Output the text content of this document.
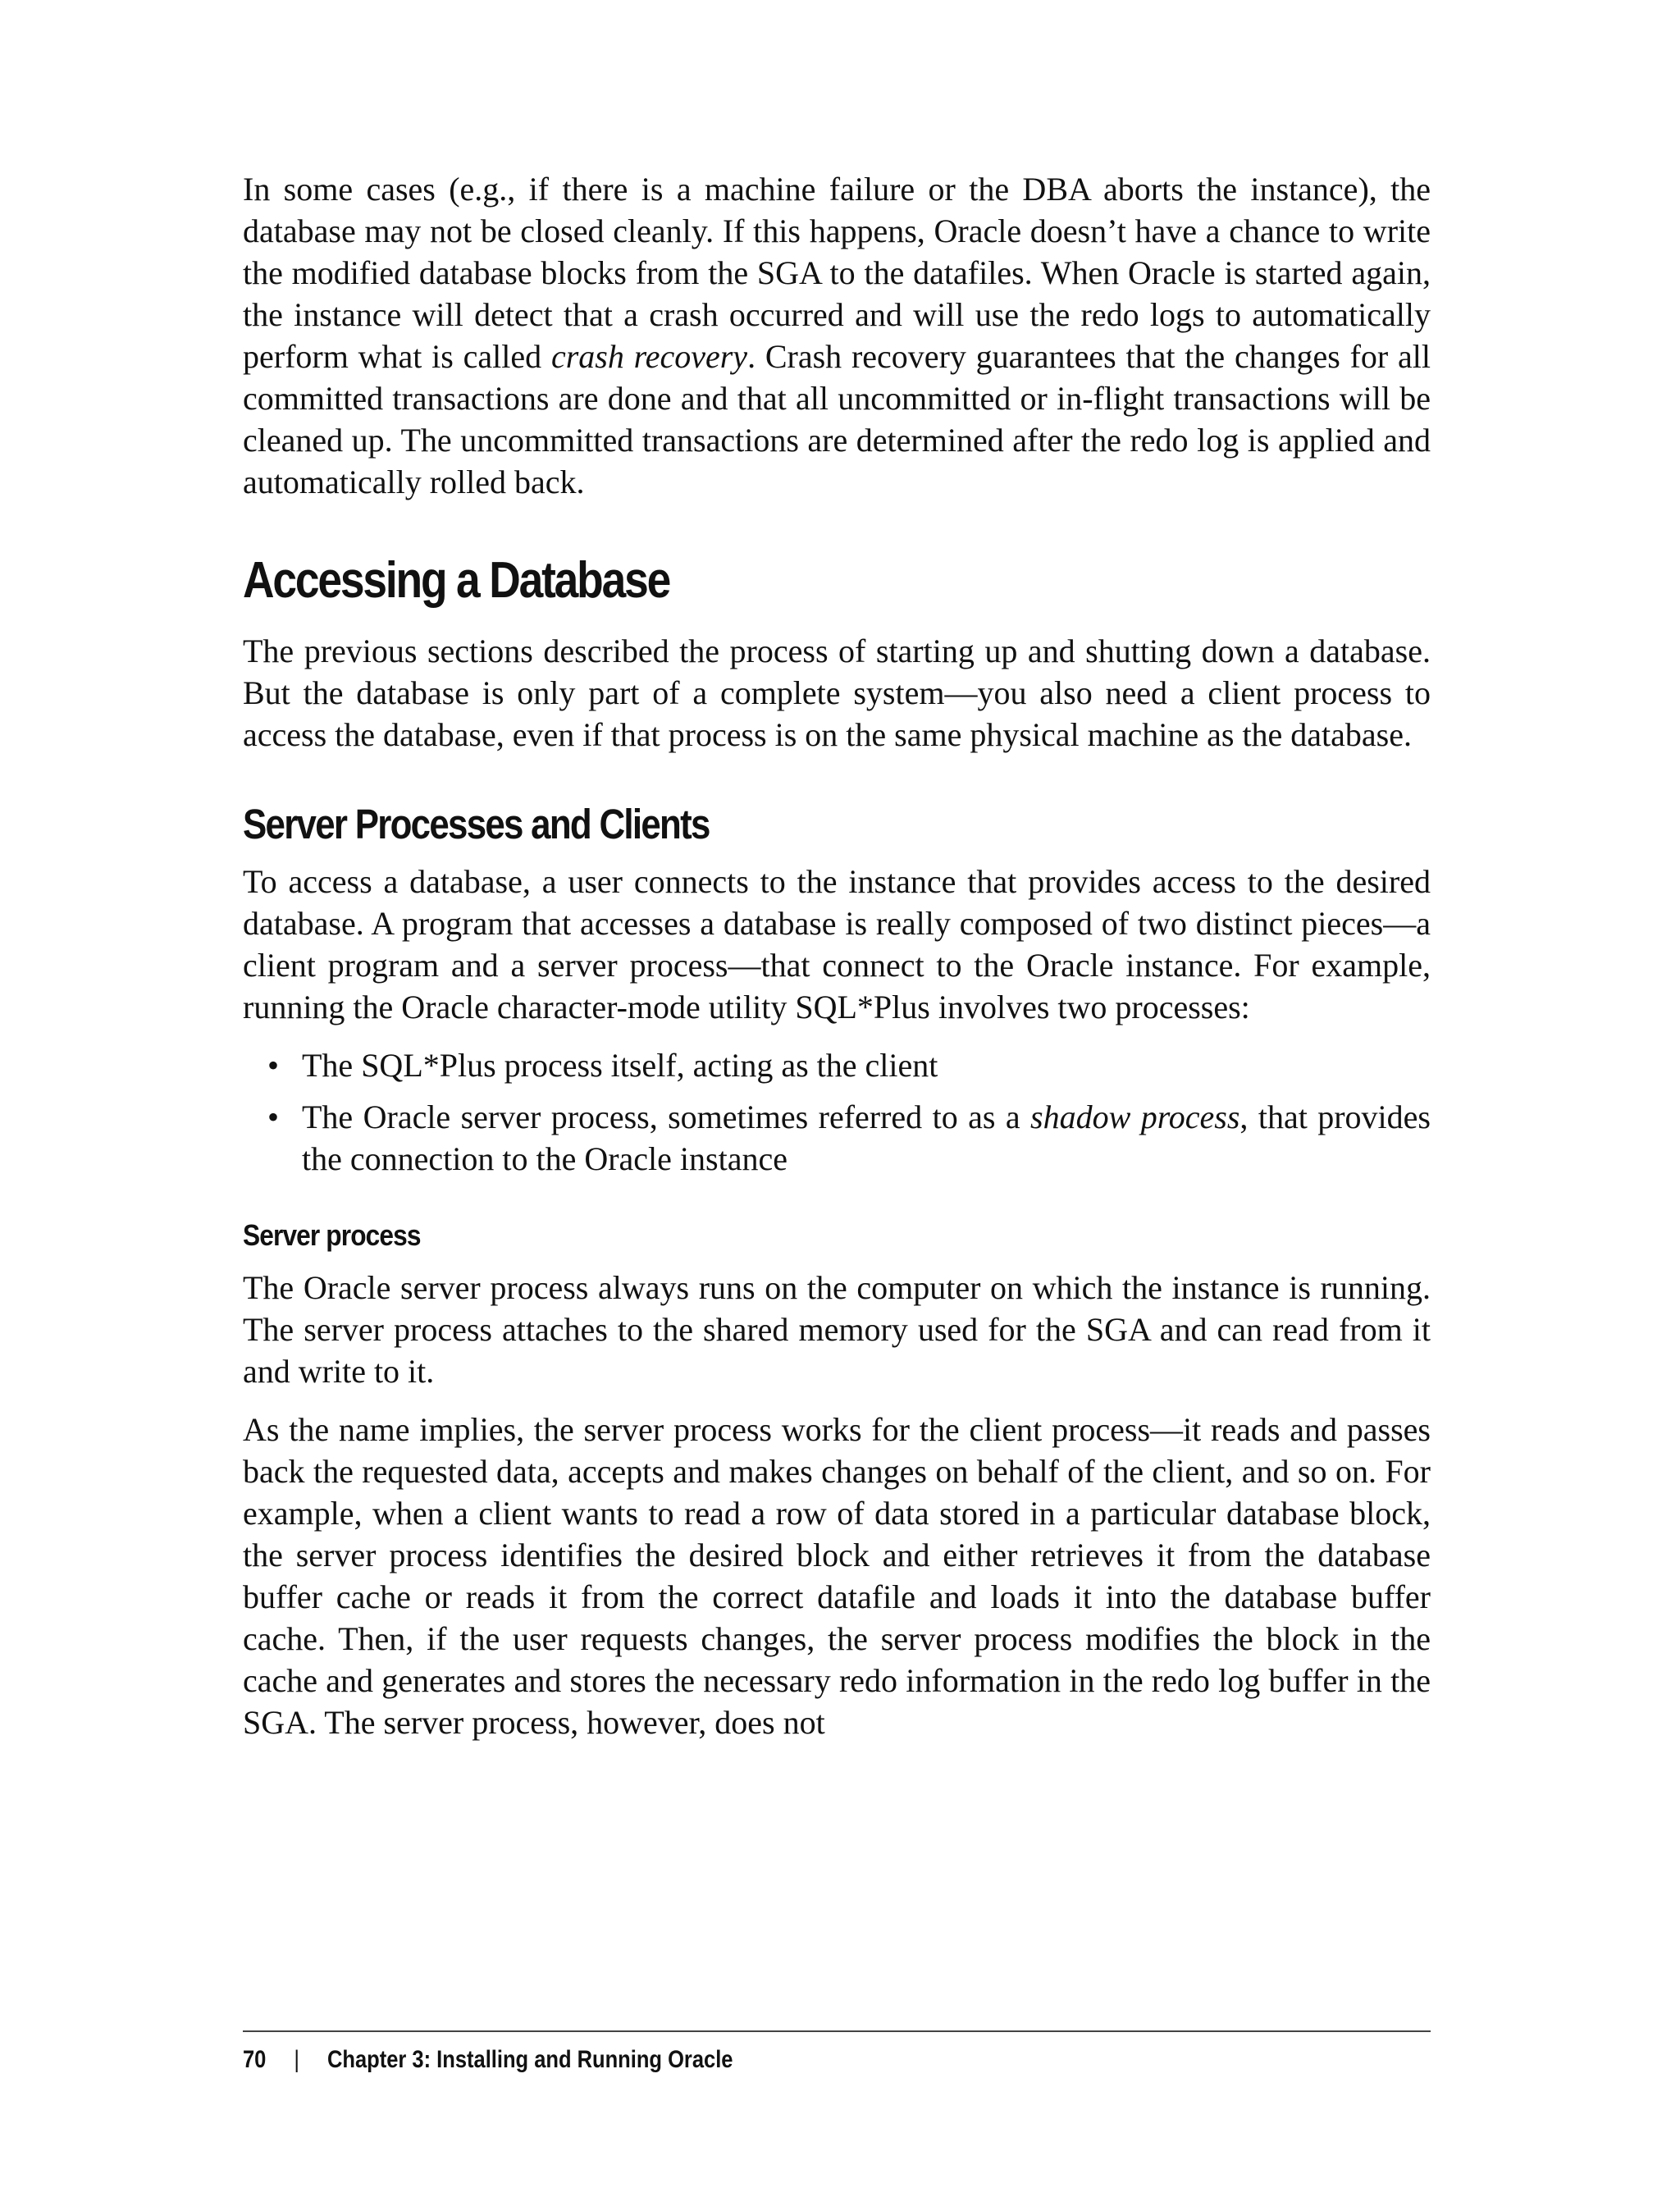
In some cases (e.g., if there is a machine failure or the DBA aborts the instance), the database may not be closed cleanly. If this happens, Oracle doesn’t have a chance to write the modified database blocks from the SGA to the datafiles. When Oracle is started again, the instance will detect that a crash occurred and will use the redo logs to automatically perform what is called crash recovery. Crash recovery guarantees that the changes for all committed transactions are done and that all uncommitted or in-flight transactions will be cleaned up. The uncommitted transactions are determined after the redo log is applied and automatically rolled back.

Accessing a Database

The previous sections described the process of starting up and shutting down a database. But the database is only part of a complete system—you also need a client process to access the database, even if that process is on the same physical machine as the database.

Server Processes and Clients

To access a database, a user connects to the instance that provides access to the desired database. A program that accesses a database is really composed of two distinct pieces—a client program and a server process—that connect to the Oracle instance. For example, running the Oracle character-mode utility SQL*Plus involves two processes:

• The SQL*Plus process itself, acting as the client
• The Oracle server process, sometimes referred to as a shadow process, that provides the connection to the Oracle instance
Server process

The Oracle server process always runs on the computer on which the instance is running. The server process attaches to the shared memory used for the SGA and can read from it and write to it.

As the name implies, the server process works for the client process—it reads and passes back the requested data, accepts and makes changes on behalf of the client, and so on. For example, when a client wants to read a row of data stored in a particular database block, the server process identifies the desired block and either retrieves it from the database buffer cache or reads it from the correct datafile and loads it into the database buffer cache. Then, if the user requests changes, the server process modifies the block in the cache and generates and stores the necessary redo information in the redo log buffer in the SGA. The server process, however, does not

70 | Chapter 3: Installing and Running Oracle
